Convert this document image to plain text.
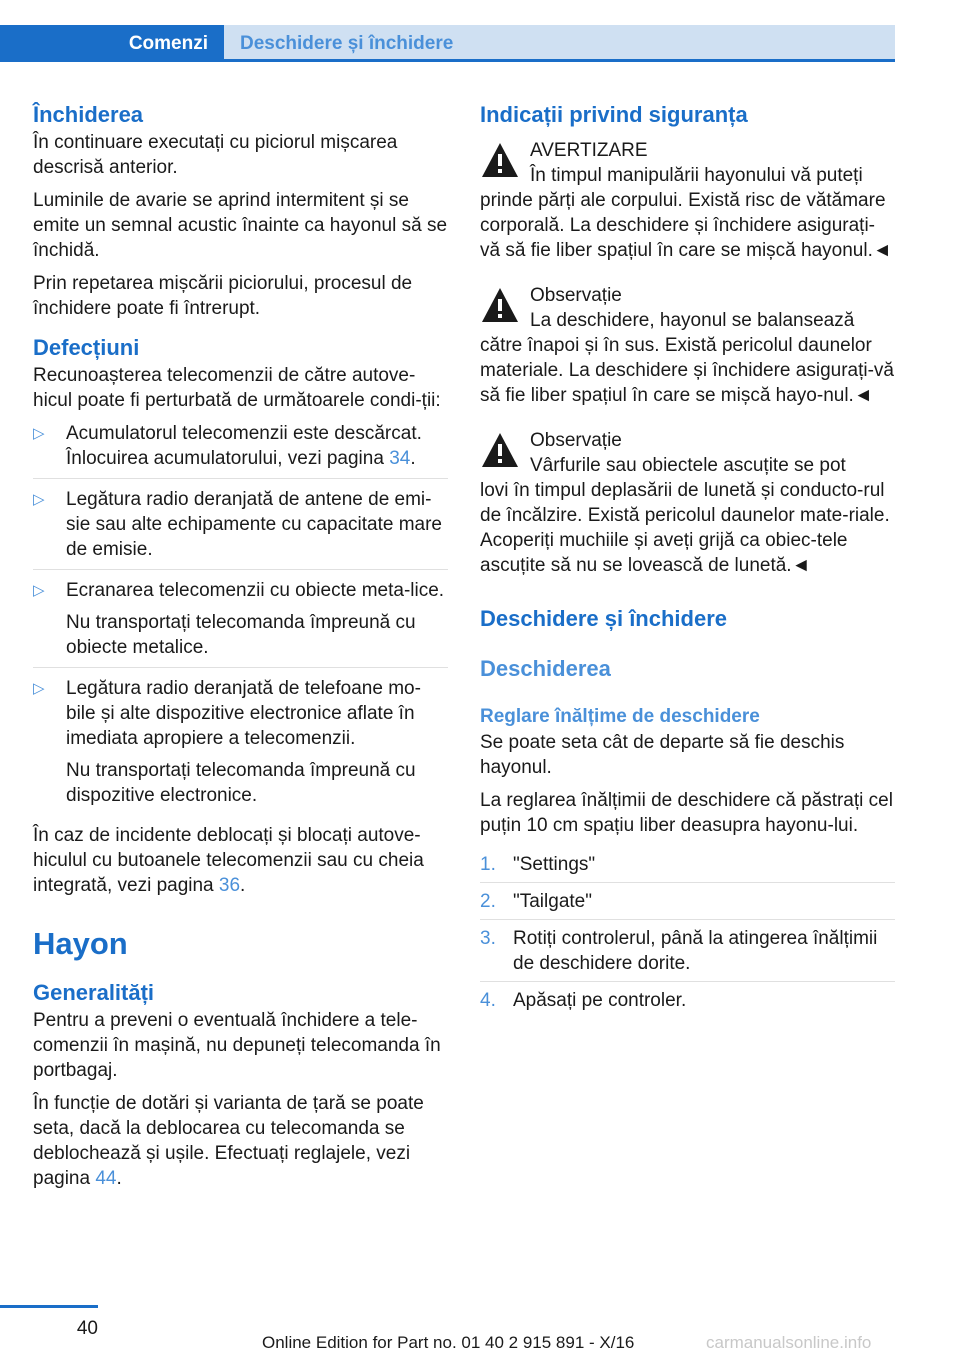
Comenzi Deschidere și închidere
Închiderea

În continuare executați cu piciorul mișcarea descrisă anterior.

Luminile de avarie se aprind intermitent și se emite un semnal acustic înainte ca hayonul să se închidă.

Prin repetarea mișcării piciorului, procesul de închidere poate fi întrerupt.

Defecțiuni

Recunoașterea telecomenzii de către autove‐hicul poate fi perturbată de următoarele condi‐ții:

▷ Acumulatorul telecomenzii este descărcat. Înlocuirea acumulatorului, vezi pagina 34.
▷ Legătura radio deranjată de antene de emi‐sie sau alte echipamente cu capacitate mare de emisie.
▷ Ecranarea telecomenzii cu obiecte meta‐lice.
Nu transportați telecomanda împreună cu obiecte metalice.
▷ Legătura radio deranjată de telefoane mo‐bile și alte dispozitive electronice aflate în imediata apropiere a telecomenzii.
Nu transportați telecomanda împreună cu dispozitive electronice.

În caz de incidente deblocați și blocați autove‐hiculul cu butoanele telecomenzii sau cu cheia integrată, vezi pagina 36.

Hayon
Generalități

Pentru a preveni o eventuală închidere a tele‐comenzii în mașină, nu depuneți telecomanda în portbagaj.

În funcție de dotări și varianta de țară se poate seta, dacă la deblocarea cu telecomanda se deblochează și ușile. Efectuați reglajele, vezi pagina 44.

Indicații privind siguranța
AVERTIZARE
În timpul manipulării hayonului vă puteți
prinde părți ale corpului. Există risc de vătămare corporală. La deschidere și închidere asigurați-vă să fie liber spațiul în care se mișcă hayonul.◄
Observație
La deschidere, hayonul se balansează
către înapoi și în sus. Există pericolul daunelor materiale. La deschidere și închidere asigurați-vă să fie liber spațiul în care se mișcă hayo‐nul.◄
Observație
Vârfurile sau obiectele ascuțite se pot
lovi în timpul deplasării de lunetă și conducto‐rul de încălzire. Există pericolul daunelor mate‐riale. Acoperiți muchiile și aveți grijă ca obiec‐tele ascuțite să nu se lovească de lunetă.◄
Deschidere și închidere
Deschiderea
Reglare înălțime de deschidere

Se poate seta cât de departe să fie deschis hayonul.

La reglarea înălțimii de deschidere că păstrați cel puțin 10 cm spațiu liber deasupra hayonu‐lui.

1. "Settings"
2. "Tailgate"
3. Rotiți controlerul, până la atingerea înălțimii de deschidere dorite.
4. Apăsați pe controler.
40
Online Edition for Part no. 01 40 2 915 891 - X/16	carmanualsonline.info
